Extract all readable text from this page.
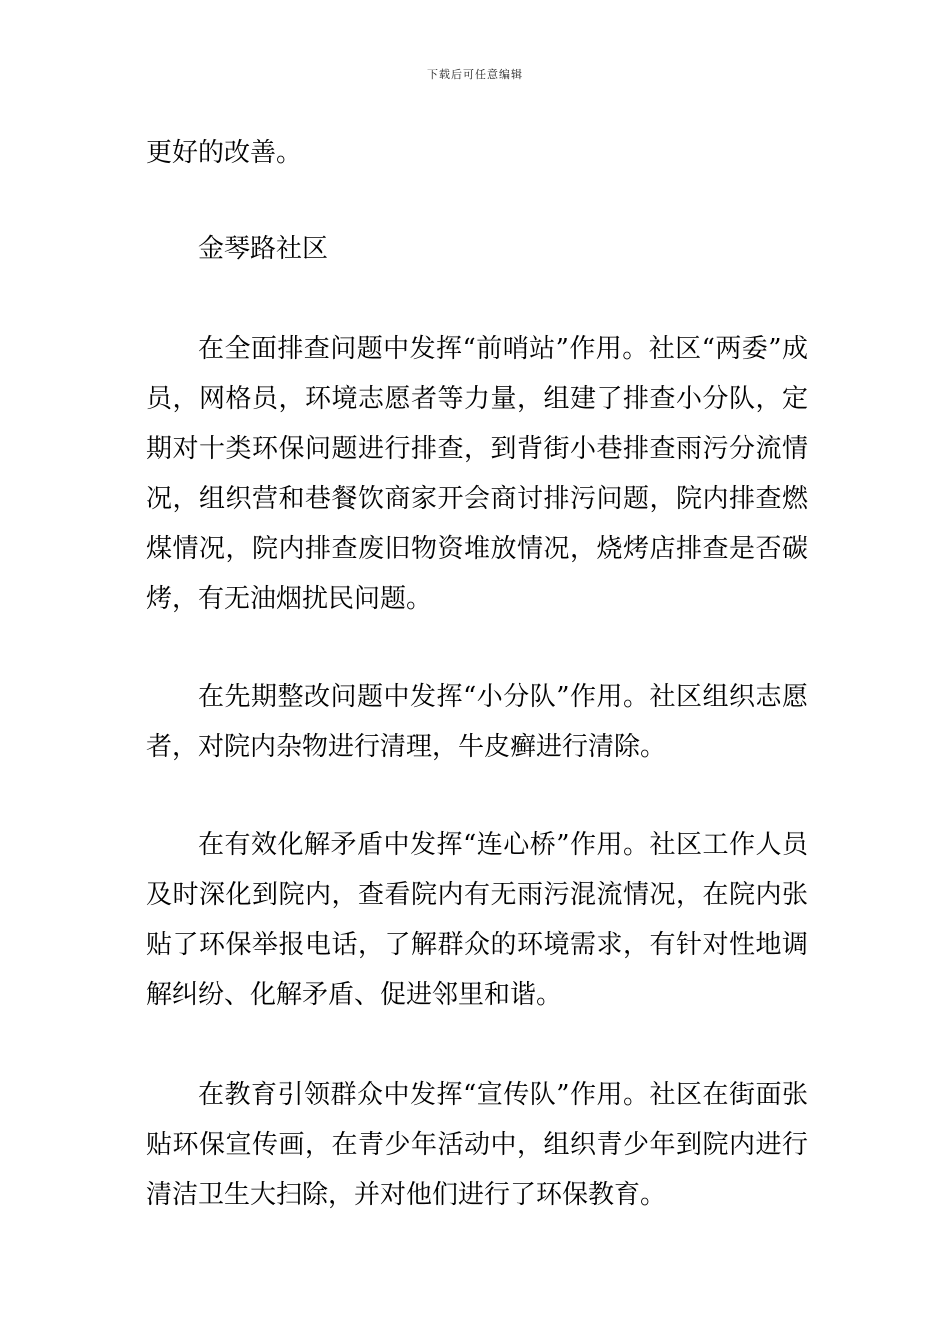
下载后可任意编辑

更好的改善。

金琴路社区

在全面排查问题中发挥“前哨站”作用。社区“两委”成员，网格员，环境志愿者等力量，组建了排查小分队，定期对十类环保问题进行排查，到背街小巷排查雨污分流情况，组织营和巷餐饮商家开会商讨排污问题，院内排查燃煤情况，院内排查废旧物资堆放情况，烧烤店排查是否碳烤，有无油烟扰民问题。

在先期整改问题中发挥“小分队”作用。社区组织志愿者，对院内杂物进行清理，牛皮癣进行清除。

在有效化解矛盾中发挥“连心桥”作用。社区工作人员及时深化到院内，查看院内有无雨污混流情况，在院内张贴了环保举报电话，了解群众的环境需求，有针对性地调解纠纷、化解矛盾、促进邻里和谐。

在教育引领群众中发挥“宣传队”作用。社区在街面张贴环保宣传画，在青少年活动中，组织青少年到院内进行清洁卫生大扫除，并对他们进行了环保教育。
